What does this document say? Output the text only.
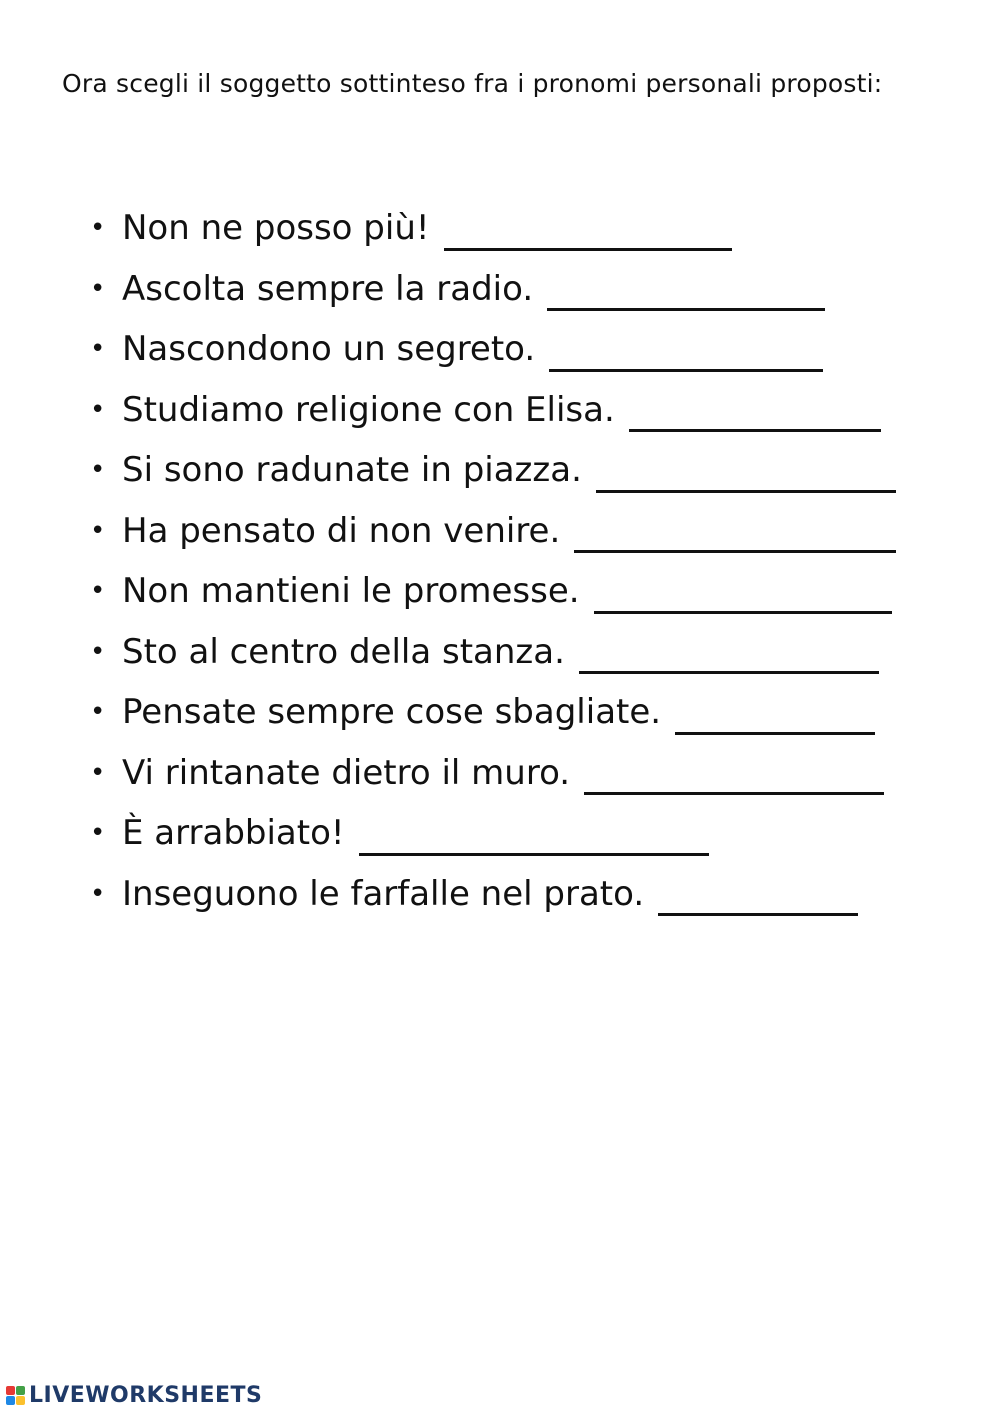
Ora scegli il soggetto sottinteso fra i pronomi personali proposti:
• Non ne posso più!
• Ascolta sempre la radio.
• Nascondono un segreto.
• Studiamo religione con Elisa.
• Si sono radunate in piazza.
• Ha pensato di non venire.
• Non mantieni le promesse.
• Sto al centro della stanza.
• Pensate sempre cose sbagliate.
• Vi rintanate dietro il muro.
• È arrabbiato!
• Inseguono le farfalle nel prato.
LIVEWORKSHEETS
